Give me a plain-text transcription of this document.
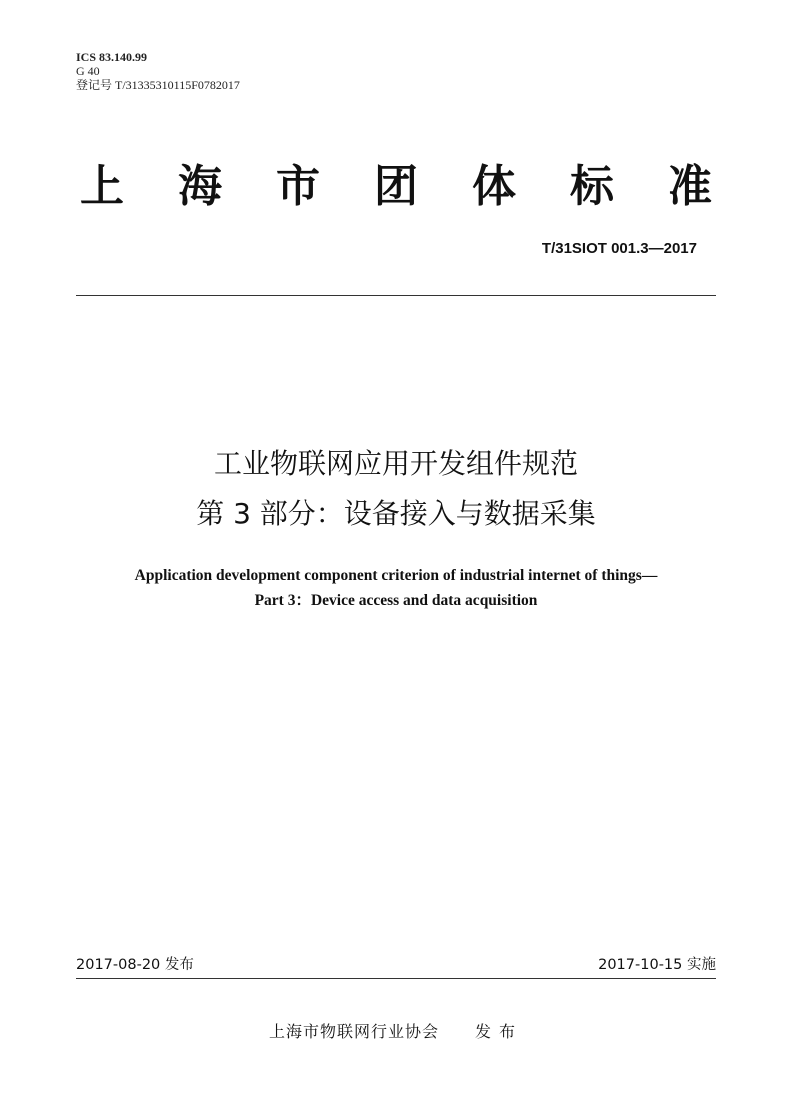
ICS 83.140.99
G 40
登记号 T/31335310115F0782017
上 海 市 团 体 标 准
T/31SIOT 001.3—2017
工业物联网应用开发组件规范
第 3 部分：设备接入与数据采集
Application development component criterion of industrial internet of things—
Part 3：Device access and data acquisition
2017-08-20 发布	2017-10-15 实施
上海市物联网行业协会 发布
